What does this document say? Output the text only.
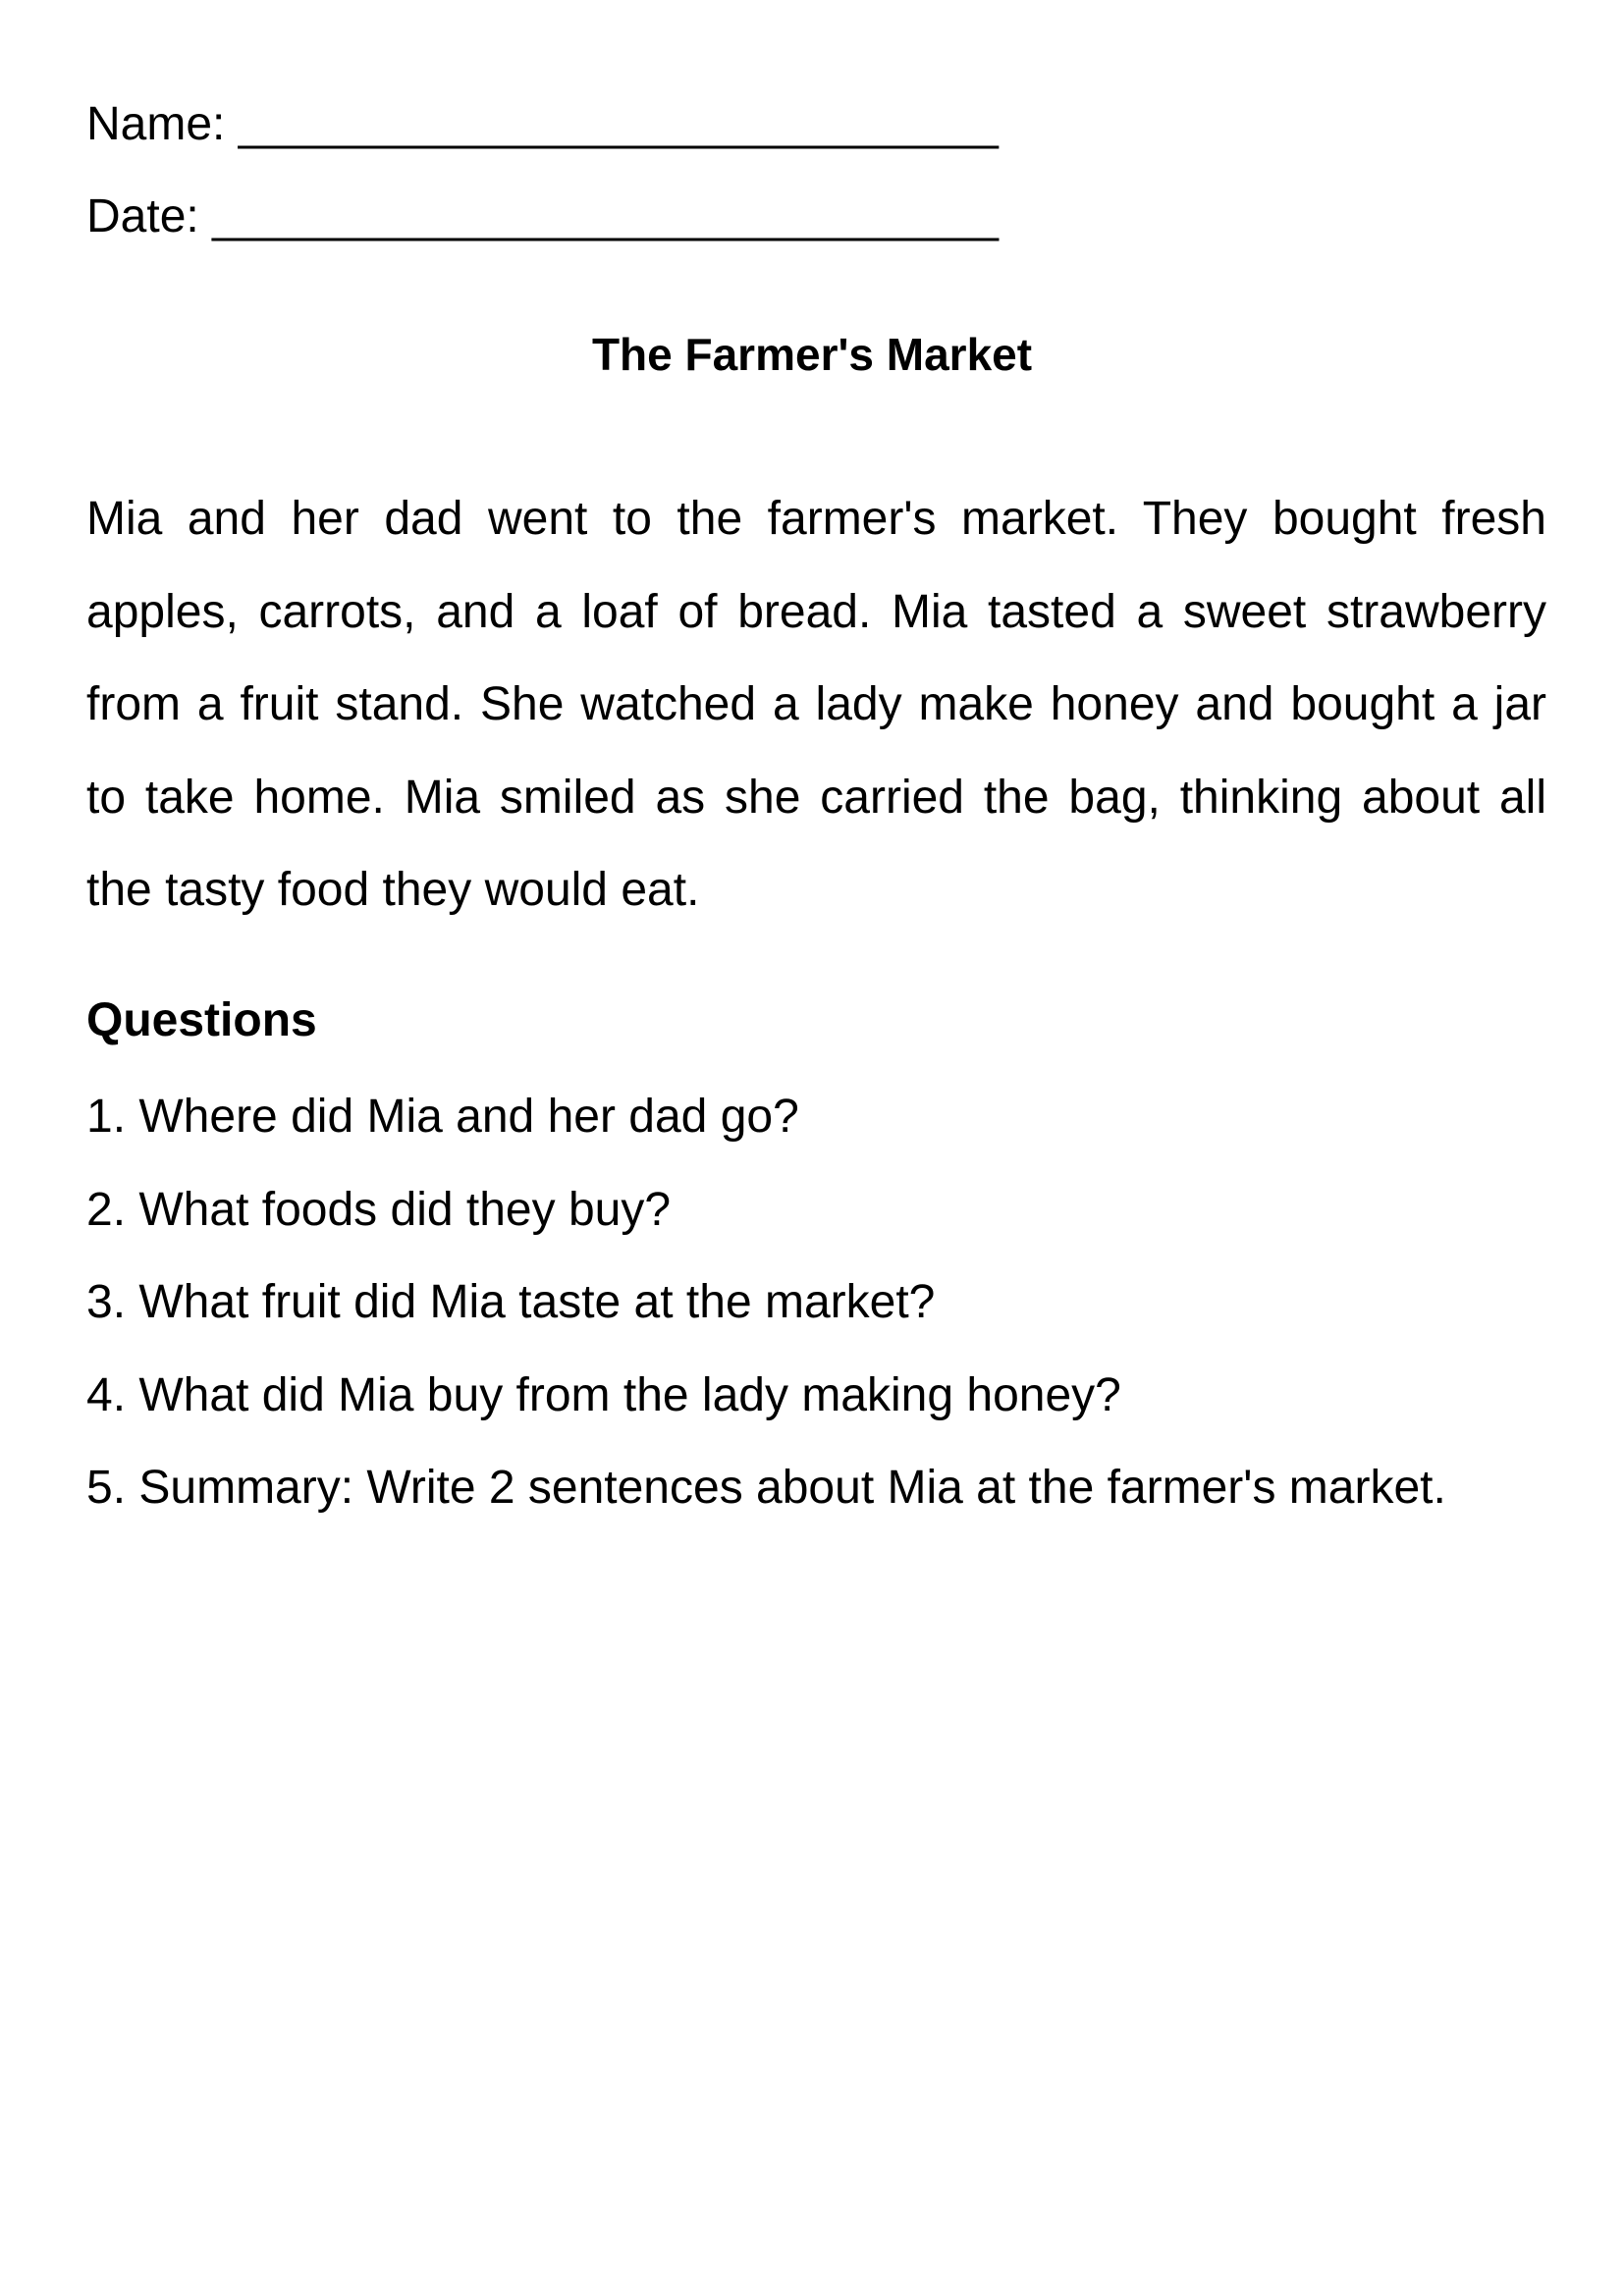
Name: _____________________________
Date: ______________________________
The Farmer's Market
Mia and her dad went to the farmer's market. They bought fresh apples, carrots, and a loaf of bread. Mia tasted a sweet strawberry from a fruit stand. She watched a lady make honey and bought a jar to take home. Mia smiled as she carried the bag, thinking about all the tasty food they would eat.
Questions
1. Where did Mia and her dad go?
2. What foods did they buy?
3. What fruit did Mia taste at the market?
4. What did Mia buy from the lady making honey?
5. Summary: Write 2 sentences about Mia at the farmer's market.
